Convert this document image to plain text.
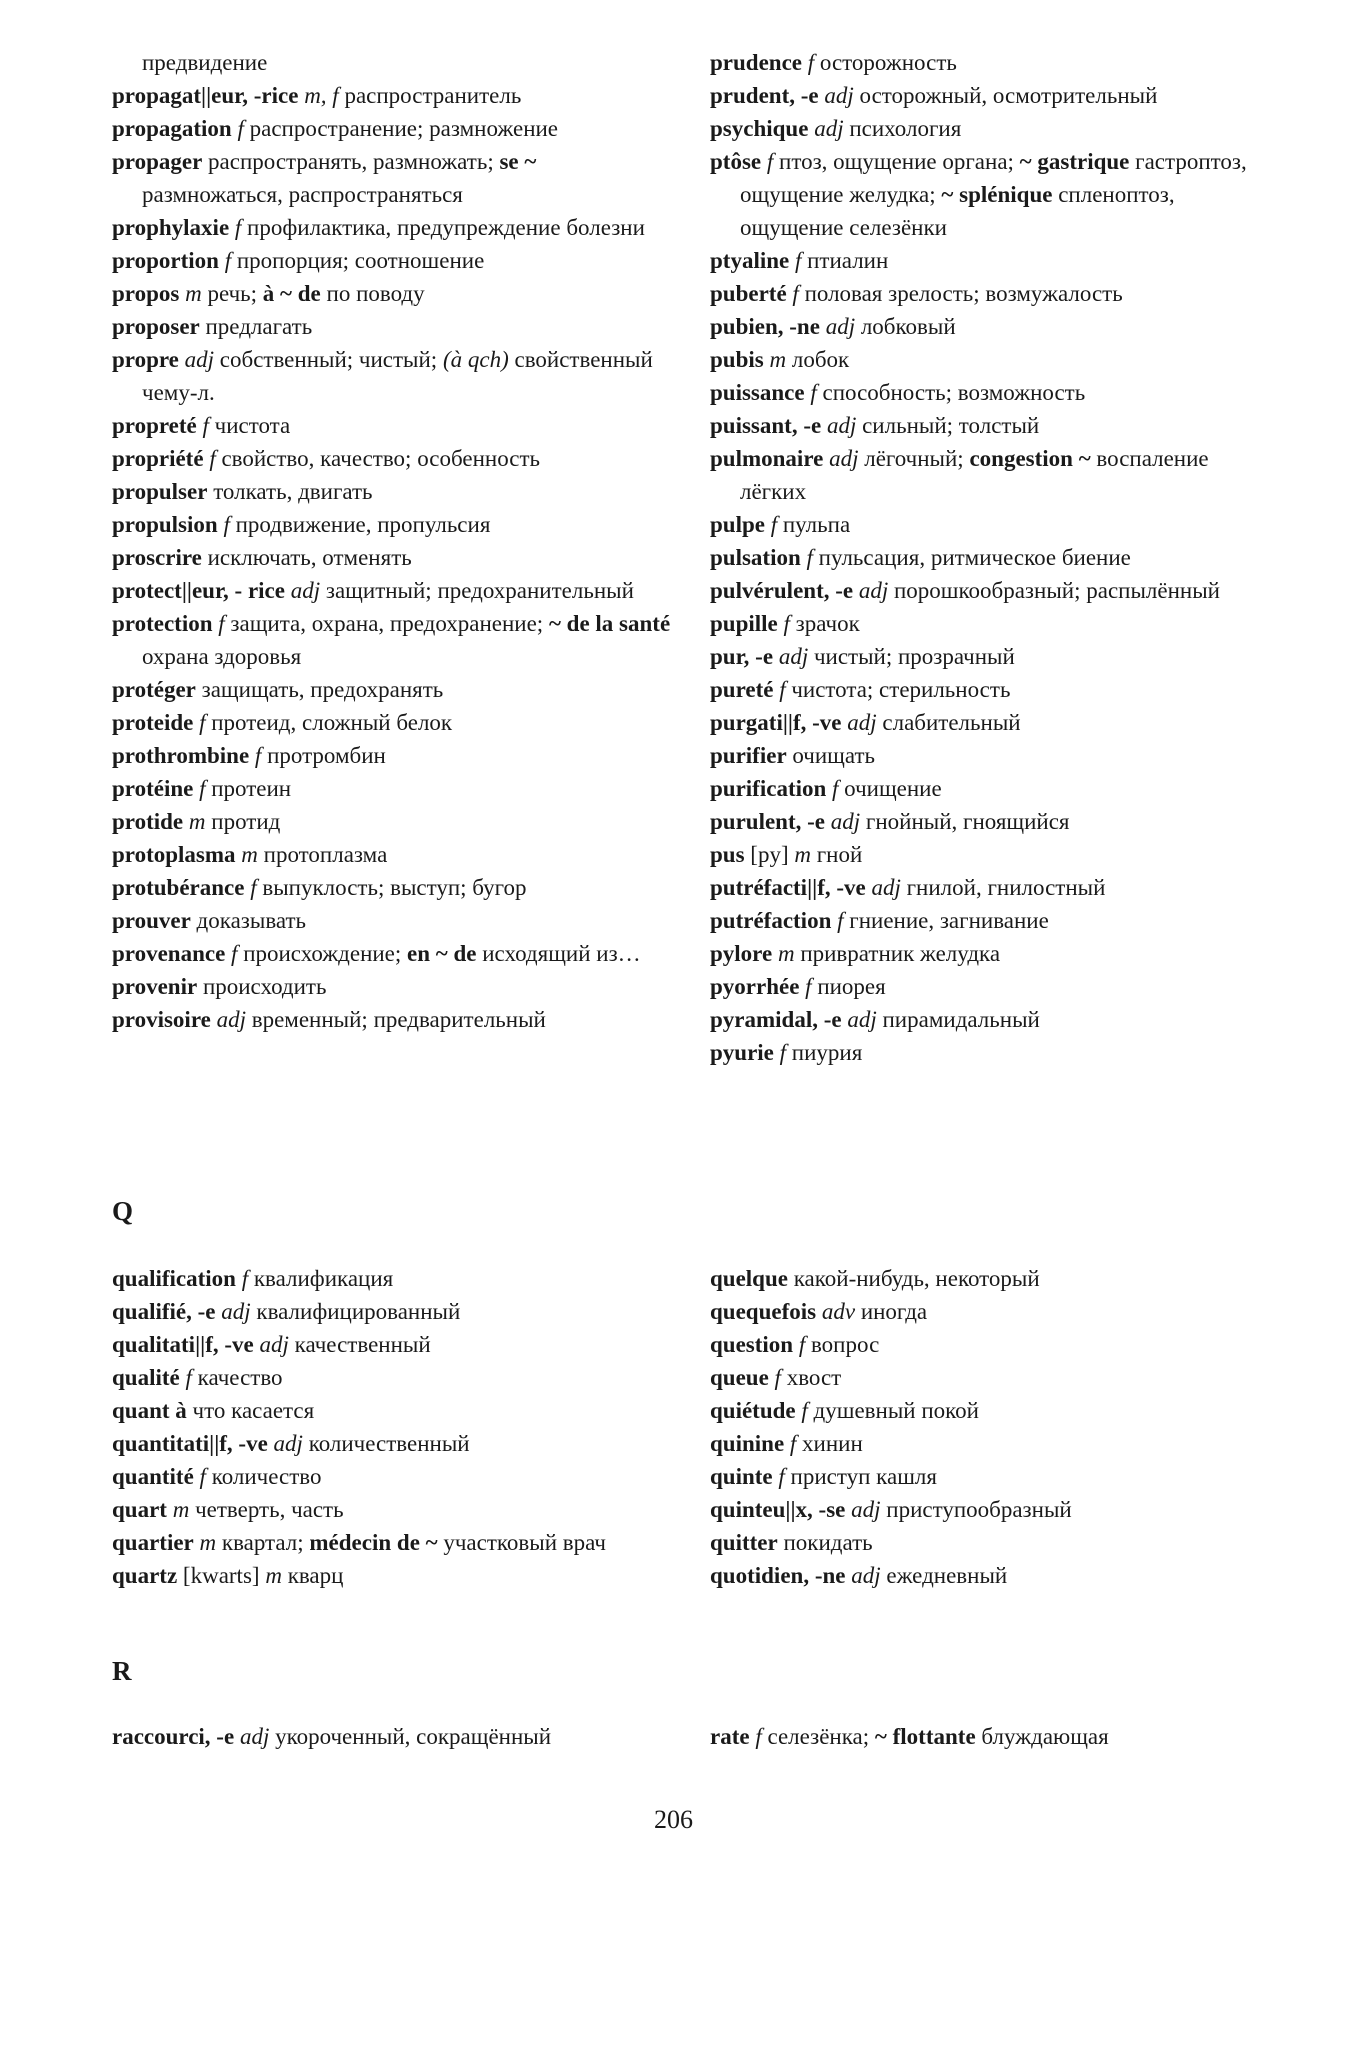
предвидение

propagat||eur, -rice m, f распространитель

propagation f распространение; размножение

propager распространять, размножать; se ~ размножаться, распространяться

prophylaxie f профилактика, предупреждение болезни

proportion f пропорция; соотношение

propos m речь; à ~ de по поводу

proposer предлагать

propre adj собственный; чистый; (à qch) свойственный чему-л.

propreté f чистота

propriété f свойство, качество; особенность

propulser толкать, двигать

propulsion f продвижение, пропульсия

proscrire исключать, отменять

protect||eur, - rice adj защитный; предохранительный

protection f защита, охрана, предохранение; ~ de la santé охрана здоровья

protéger защищать, предохранять

proteide f протеид, сложный белок

prothrombine f протромбин

protéine f протеин

protide m протид

protoplasma m протоплазма

protubérance f выпуклость; выступ; бугор

prouver доказывать

provenance f происхождение; en ~ de исходящий из…

provenir происходить

provisoire adj временный; предварительный

prudence f осторожность

prudent, -e adj осторожный, осмотрительный

psychique adj психология

ptôse f птоз, ощущение органа; ~ gastrique гастроптоз, ощущение желудка; ~ splénique спленоптоз, ощущение селезёнки

ptyaline f птиалин

puberté f половая зрелость; возмужалость

pubien, -ne adj лобковый

pubis m лобок

puissance f способность; возможность

puissant, -e adj сильный; толстый

pulmonaire adj лёгочный; congestion ~ воспаление лёгких

pulpe f пульпа

pulsation f пульсация, ритмическое биение

pulvérulent, -e adj порошкообразный; распылённый

pupille f зрачок

pur, -e adj чистый; прозрачный

pureté f чистота; стерильность

purgati||f, -ve adj слабительный

purifier очищать

purification f очищение

purulent, -e adj гнойный, гноящийся

pus [py] m гной

putréfacti||f, -ve adj гнилой, гнилостный

putréfaction f гниение, загнивание

pylore m привратник желудка

pyorrhée f пиорея

pyramidal, -e adj пирамидальный

pyurie f пиурия

Q

qualification f квалификация

qualifié, -e adj квалифицированный

qualitati||f, -ve adj качественный

qualité f качество

quant à что касается

quantitati||f, -ve adj количественный

quantité f количество

quart m четверть, часть

quartier m квартал; médecin de ~ участковый врач

quartz [kwarts] m кварц

quelque какой-нибудь, некоторый

quequefois adv иногда

question f вопрос

queue f хвост

quiétude f душевный покой

quinine f хинин

quinte f приступ кашля

quinteu||x, -se adj приступообразный

quitter покидать

quotidien, -ne adj ежедневный

R

raccourci, -e adj укороченный, сокращённый	rate f селезёнка; ~ flottante блуждающая

206
